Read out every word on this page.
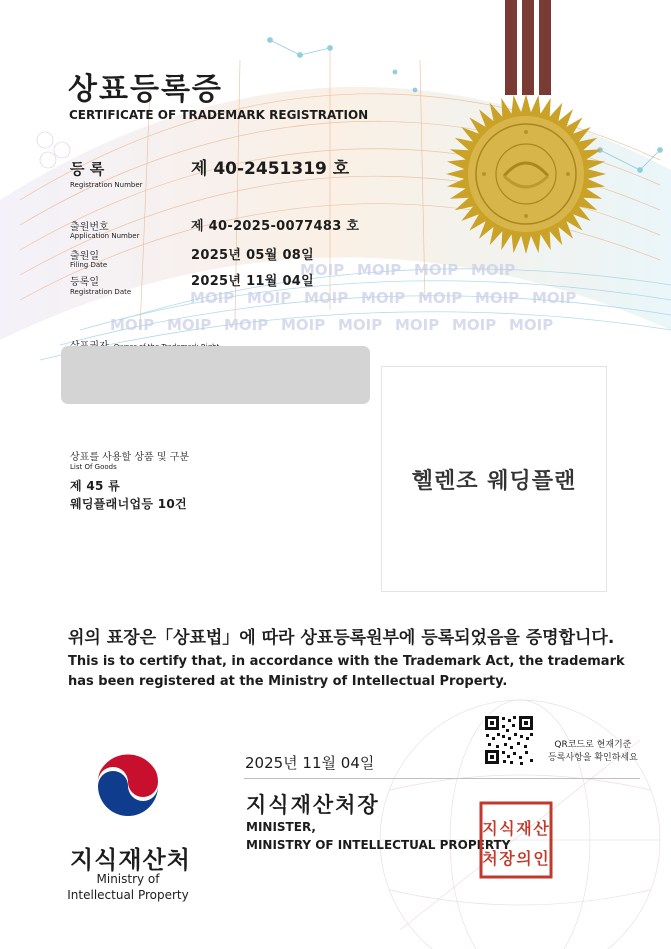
MOIP MOIP MOIP MOIP
MOIP MOIP MOIP MOIP MOIP MOIP MOIP
MOIP MOIP MOIP MOIP MOIP MOIP MOIP MOIP
상표등록증
CERTIFICATE OF TRADEMARK REGISTRATION
등 록
Registration Number
제 40-2451319 호
출원번호
Application Number
제 40-2025-0077483 호
출원일
Filing Date
2025년 05월 08일
등록일
Registration Date
2025년 11월 04일
상표를 사용할 상품 및 구분
List Of Goods
제 45 류
웨딩플래너업등 10건
헬렌조 웨딩플랜
위의 표장은「상표법」에 따라 상표등록원부에 등록되었음을 증명합니다.
This is to certify that, in accordance with the Trademark Act, the trademark
has been registered at the Ministry of Intellectual Property.
QR코드로 현재기준
등록사항을 확인하세요
2025년 11월 04일
지식재산처장
MINISTER,
MINISTRY OF INTELLECTUAL PROPERTY
지 식 재 산
처 장 의 인
지식재산처
Ministry of
Intellectual Property
